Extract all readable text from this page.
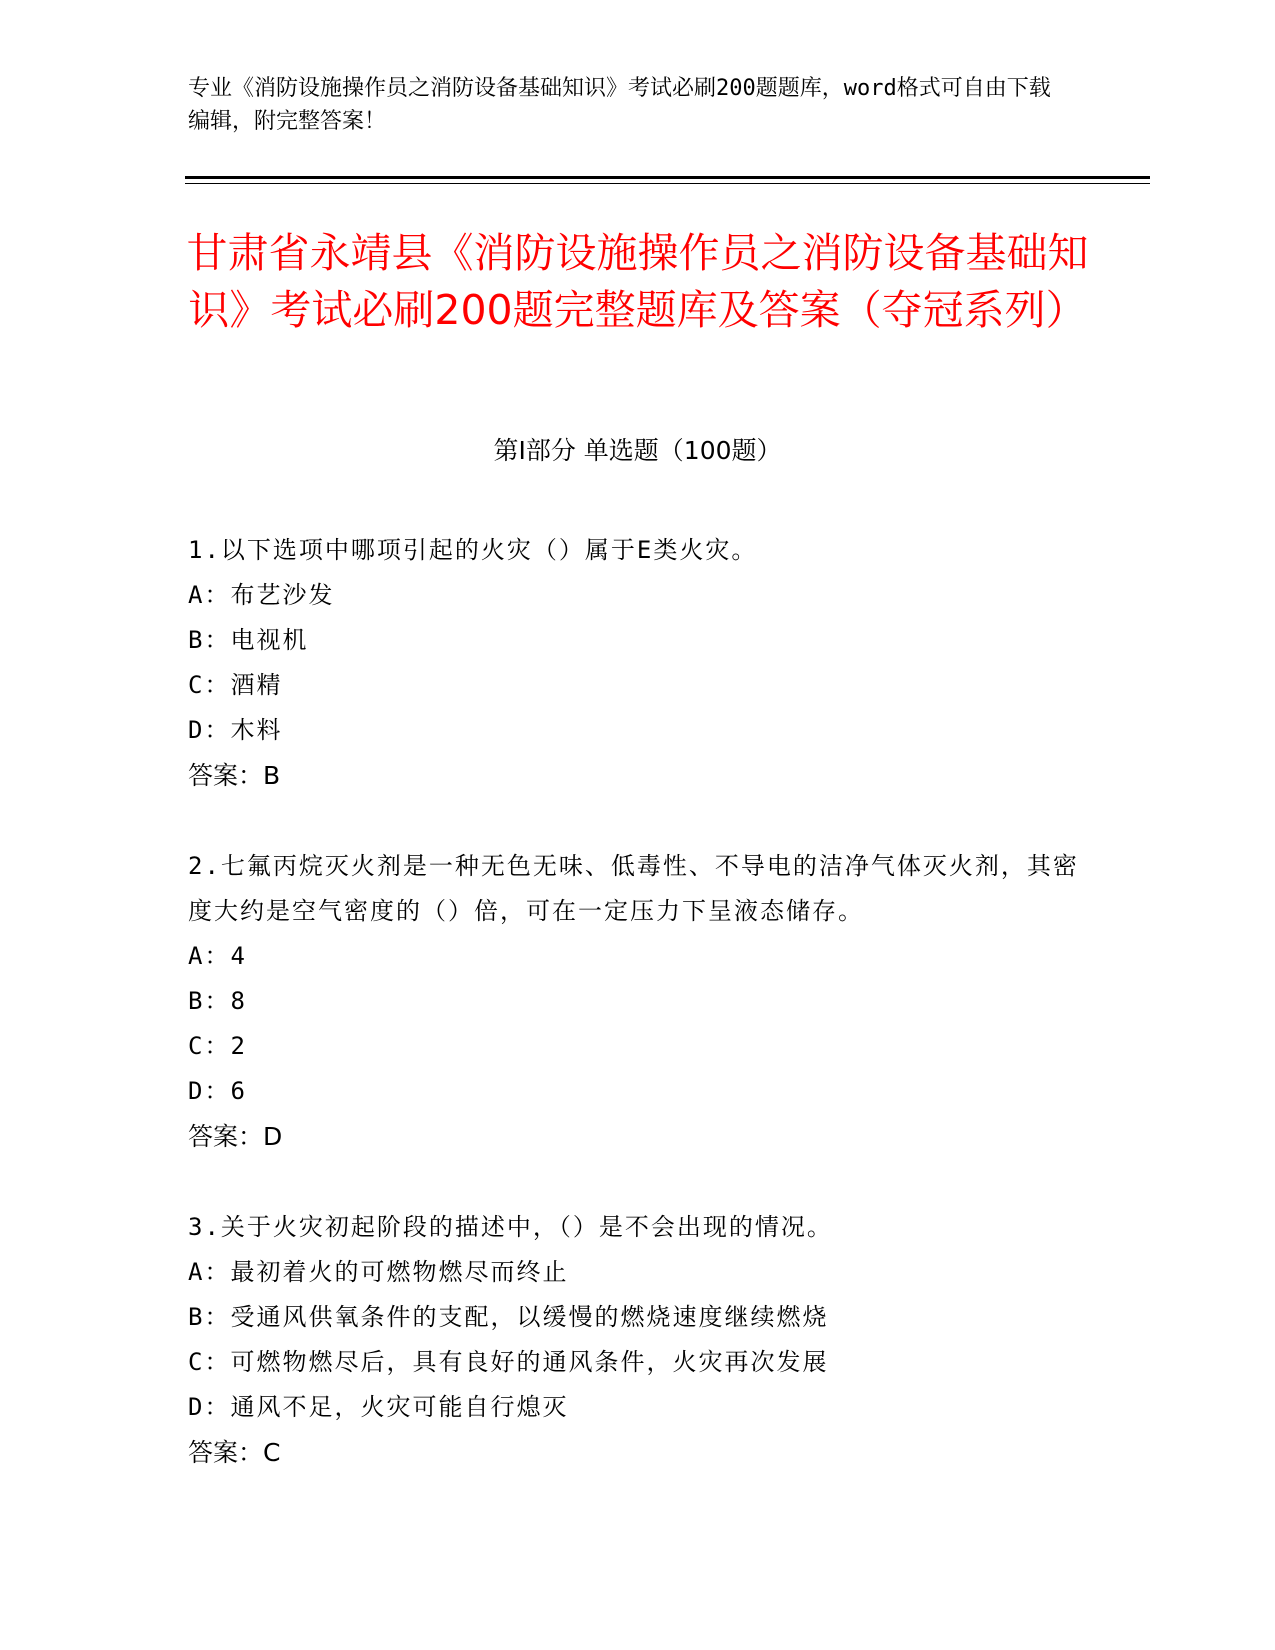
专业《消防设施操作员之消防设备基础知识》考试必刷200题题库，word格式可自由下载编辑，附完整答案！
甘肃省永靖县《消防设施操作员之消防设备基础知识》考试必刷200题完整题库及答案（夺冠系列）
第Ⅰ部分 单选题（100题）
1.以下选项中哪项引起的火灾（）属于E类火灾。
A：布艺沙发
B：电视机
C：酒精
D：木料
答案：B
2.七氟丙烷灭火剂是一种无色无味、低毒性、不导电的洁净气体灭火剂，其密度大约是空气密度的（）倍，可在一定压力下呈液态储存。
A：4
B：8
C：2
D：6
答案：D
3.关于火灾初起阶段的描述中，（）是不会出现的情况。
A：最初着火的可燃物燃尽而终止
B：受通风供氧条件的支配，以缓慢的燃烧速度继续燃烧
C：可燃物燃尽后，具有良好的通风条件，火灾再次发展
D：通风不足，火灾可能自行熄灭
答案：C
